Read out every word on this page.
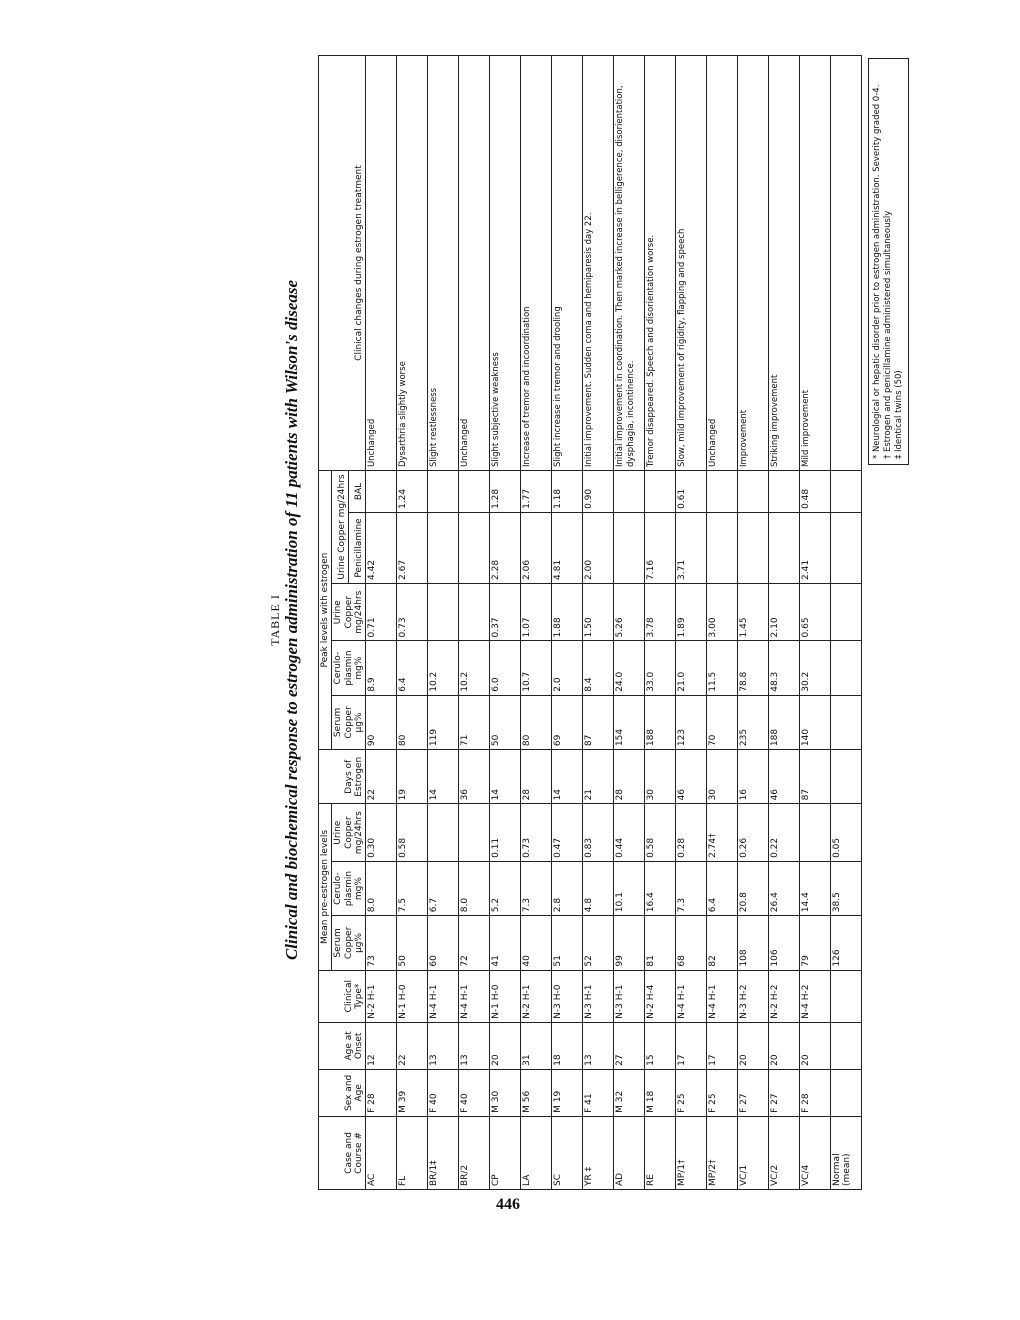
TABLE I Clinical and biochemical response to estrogen administration of 11 patients with Wilson's disease
Case and Course #	Sex and Age	Age at Onset	Clinical Type*	Mean pre-estrogen levels			Days of Estrogen	Peak levels with estrogen					Clinical changes during estrogen treatment
				Serum Copper µg%	Cerulo-plasmin mg%	Urine Copper mg/24hrs		Serum Copper µg%	Cerulo-plasmin mg%	Urine Copper mg/24hrs	Urine Copper mg/24hrs		
											Penicillamine	BAL	
AC	F 28	12	N-2 H-1	73	8.0	0.30	22	90	8.9	0.71	4.42		Unchanged
FL	M 39	22	N-1 H-0	50	7.5	0.58	19	80	6.4	0.73	2.67	1.24	Dysarthria slightly worse
BR/1‡	F 40	13	N-4 H-1	60	6.7		14	119	10.2				Slight restlessness
BR/2	F 40	13	N-4 H-1	72	8.0		36	71	10.2				Unchanged
CP	M 30	20	N-1 H-0	41	5.2	0.11	14	50	6.0	0.37	2.28	1.28	Slight subjective weakness
LA	M 56	31	N-2 H-1	40	7.3	0.73	28	80	10.7	1.07	2.06	1.77	Increase of tremor and incoordination
SC	M 19	18	N-3 H-0	51	2.8	0.47	14	69	2.0	1.88	4.81	1.18	Slight increase in tremor and drooling
YR ‡	F 41	13	N-3 H-1	52	4.8	0.83	21	87	8.4	1.50	2.00	0.90	Initial improvement. Sudden coma and hemiparesis day 22.
AD	M 32	27	N-3 H-1	99	10.1	0.44	28	154	24.0	5.26			Initial improvement in coordination. Then marked increase in belligerence, disorientation, dysphagia, incontinence.
RE	M 18	15	N-2 H-4	81	16.4	0.58	30	188	33.0	3.78	7.16		Tremor disappeared. Speech and disorientation worse.
MP/1†	F 25	17	N-4 H-1	68	7.3	0.28	46	123	21.0	1.89	3.71	0.61	Slow, mild improvement of rigidity, flapping and speech
MP/2†	F 25	17	N-4 H-1	82	6.4	2.74†	30	70	11.5	3.00			Unchanged
VC/1	F 27	20	N-3 H-2	108	20.8	0.26	16	235	78.8	1.45			Improvement
VC/2	F 27	20	N-2 H-2	106	26.4	0.22	46	188	48.3	2.10			Striking improvement
VC/4	F 28	20	N-4 H-2	79	14.4		87	140	30.2	0.65	2.41	0.48	Mild improvement
Normal (mean)				126	38.5	0.05							
* Neurological or hepatic disorder prior to estrogen administration. Severity graded 0-4. † Estrogen and penicillamine administered simultaneously ‡ Identical twins (50)
446
